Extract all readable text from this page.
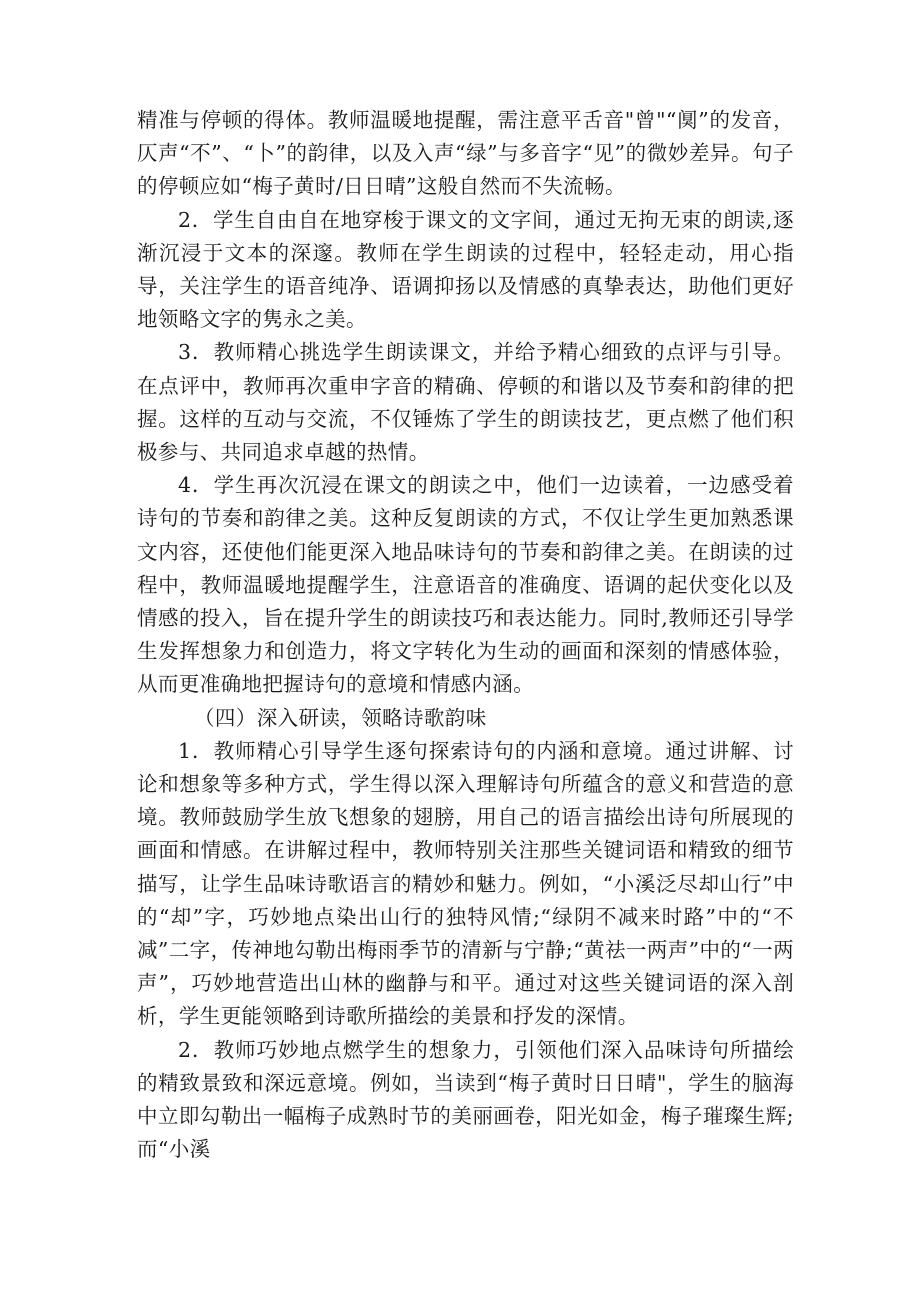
精准与停顿的得体。教师温暖地提醒，需注意平舌音"曾"“阒”的发音，仄声“不”、“卜”的韵律，以及入声“绿”与多音字“见”的微妙差异。句子的停顿应如“梅子黄时/日日晴”这般自然而不失流畅。

2．学生自由自在地穿梭于课文的文字间，通过无拘无束的朗读,逐渐沉浸于文本的深邃。教师在学生朗读的过程中，轻轻走动，用心指导，关注学生的语音纯净、语调抑扬以及情感的真挚表达，助他们更好地领略文字的隽永之美。

3．教师精心挑选学生朗读课文，并给予精心细致的点评与引导。在点评中，教师再次重申字音的精确、停顿的和谐以及节奏和韵律的把握。这样的互动与交流，不仅锤炼了学生的朗读技艺，更点燃了他们积极参与、共同追求卓越的热情。

4．学生再次沉浸在课文的朗读之中，他们一边读着，一边感受着诗句的节奏和韵律之美。这种反复朗读的方式，不仅让学生更加熟悉课文内容，还使他们能更深入地品味诗句的节奏和韵律之美。在朗读的过程中，教师温暖地提醒学生，注意语音的准确度、语调的起伏变化以及情感的投入，旨在提升学生的朗读技巧和表达能力。同时,教师还引导学生发挥想象力和创造力，将文字转化为生动的画面和深刻的情感体验，从而更准确地把握诗句的意境和情感内涵。

（四）深入研读，领略诗歌韵味

1．教师精心引导学生逐句探索诗句的内涵和意境。通过讲解、讨论和想象等多种方式，学生得以深入理解诗句所蕴含的意义和营造的意境。教师鼓励学生放飞想象的翅膀，用自己的语言描绘出诗句所展现的画面和情感。在讲解过程中，教师特别关注那些关键词语和精致的细节描写，让学生品味诗歌语言的精妙和魅力。例如，“小溪泛尽却山行”中的“却”字，巧妙地点染出山行的独特风情;“绿阴不减来时路”中的“不减”二字，传神地勾勒出梅雨季节的清新与宁静;“黄祛一两声”中的“一两声”，巧妙地营造出山林的幽静与和平。通过对这些关键词语的深入剖析，学生更能领略到诗歌所描绘的美景和抒发的深情。

2．教师巧妙地点燃学生的想象力，引领他们深入品味诗句所描绘的精致景致和深远意境。例如，当读到“梅子黄时日日晴"，学生的脑海中立即勾勒出一幅梅子成熟时节的美丽画卷，阳光如金，梅子璀璨生辉;而“小溪
